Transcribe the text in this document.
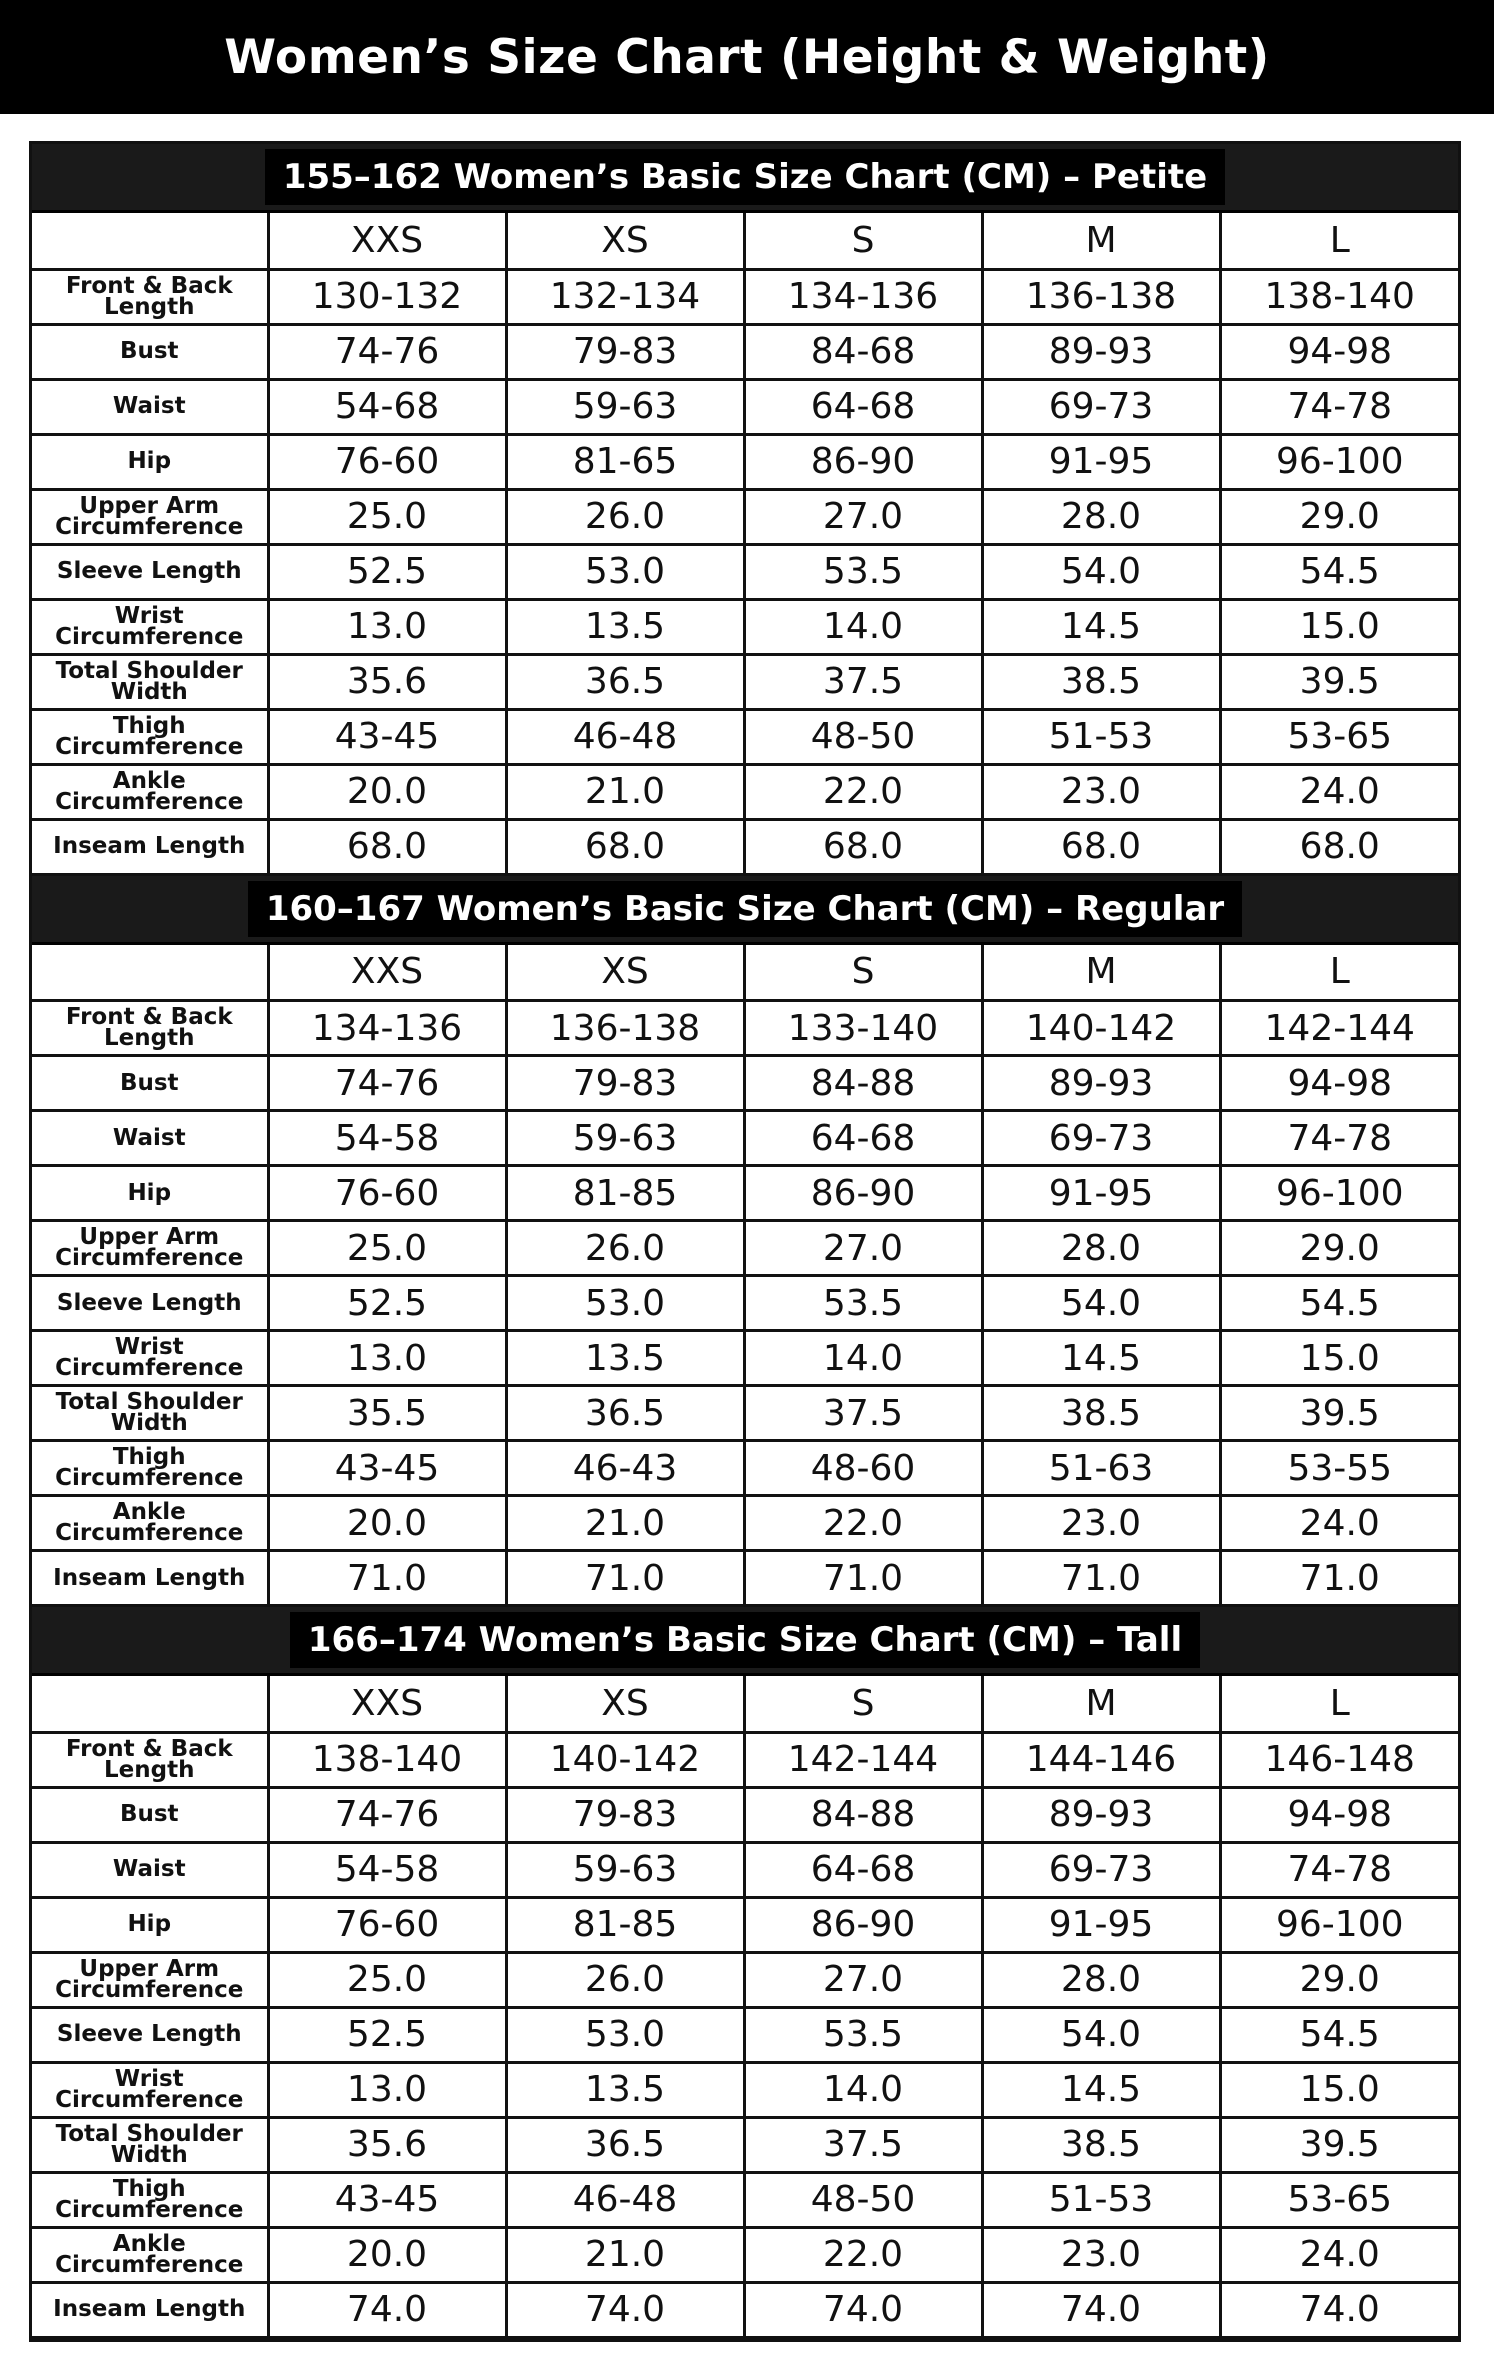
Women’s Size Chart (Height & Weight)
155–162 Women’s Basic Size Chart (CM) – Petite
	XXS	XS	S	M	L
Front & Back Length	130-132	132-134	134-136	136-138	138-140
Bust	74-76	79-83	84-68	89-93	94-98
Waist	54-68	59-63	64-68	69-73	74-78
Hip	76-60	81-65	86-90	91-95	96-100
Upper Arm Circumference	25.0	26.0	27.0	28.0	29.0
Sleeve Length	52.5	53.0	53.5	54.0	54.5
Wrist Circumference	13.0	13.5	14.0	14.5	15.0
Total Shoulder Width	35.6	36.5	37.5	38.5	39.5
Thigh Circumference	43-45	46-48	48-50	51-53	53-65
Ankle Circumference	20.0	21.0	22.0	23.0	24.0
Inseam Length	68.0	68.0	68.0	68.0	68.0
160–167 Women’s Basic Size Chart (CM) – Regular
	XXS	XS	S	M	L
Front & Back Length	134-136	136-138	133-140	140-142	142-144
Bust	74-76	79-83	84-88	89-93	94-98
Waist	54-58	59-63	64-68	69-73	74-78
Hip	76-60	81-85	86-90	91-95	96-100
Upper Arm Circumference	25.0	26.0	27.0	28.0	29.0
Sleeve Length	52.5	53.0	53.5	54.0	54.5
Wrist Circumference	13.0	13.5	14.0	14.5	15.0
Total Shoulder Width	35.5	36.5	37.5	38.5	39.5
Thigh Circumference	43-45	46-43	48-60	51-63	53-55
Ankle Circumference	20.0	21.0	22.0	23.0	24.0
Inseam Length	71.0	71.0	71.0	71.0	71.0
166–174 Women’s Basic Size Chart (CM) – Tall
	XXS	XS	S	M	L
Front & Back Length	138-140	140-142	142-144	144-146	146-148
Bust	74-76	79-83	84-88	89-93	94-98
Waist	54-58	59-63	64-68	69-73	74-78
Hip	76-60	81-85	86-90	91-95	96-100
Upper Arm Circumference	25.0	26.0	27.0	28.0	29.0
Sleeve Length	52.5	53.0	53.5	54.0	54.5
Wrist Circumference	13.0	13.5	14.0	14.5	15.0
Total Shoulder Width	35.6	36.5	37.5	38.5	39.5
Thigh Circumference	43-45	46-48	48-50	51-53	53-65
Ankle Circumference	20.0	21.0	22.0	23.0	24.0
Inseam Length	74.0	74.0	74.0	74.0	74.0
